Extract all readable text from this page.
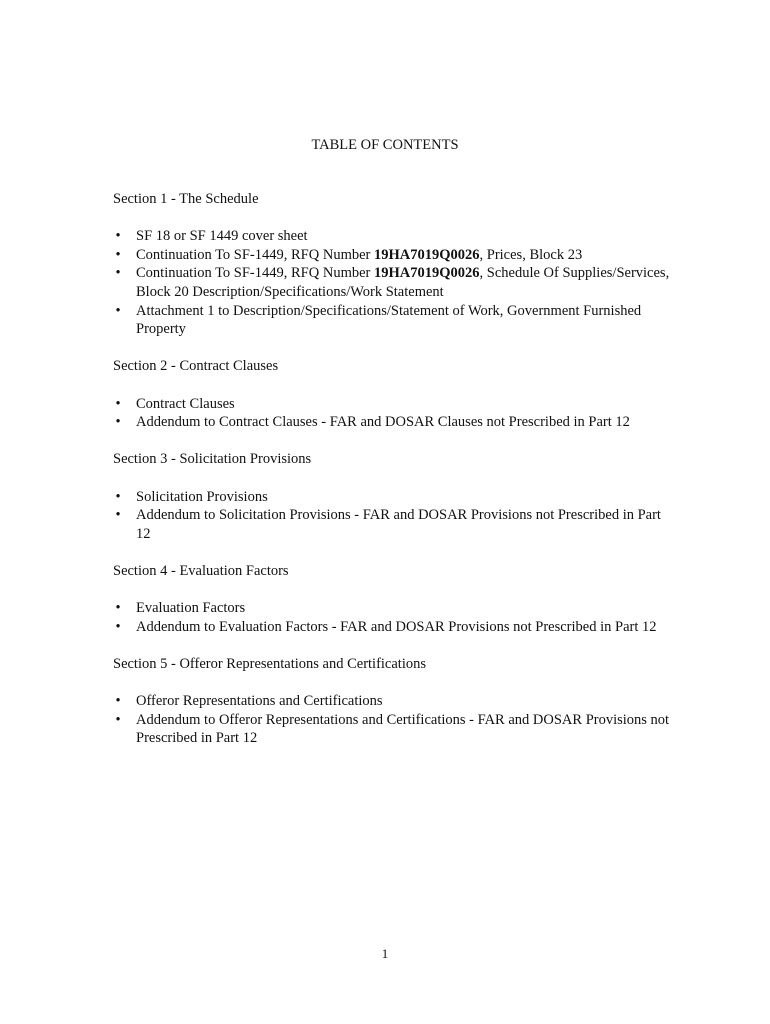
TABLE OF CONTENTS
Section 1 - The Schedule
• SF 18 or SF 1449 cover sheet
• Continuation To SF-1449, RFQ Number 19HA7019Q0026, Prices, Block 23
• Continuation To SF-1449, RFQ Number 19HA7019Q0026, Schedule Of Supplies/Services, Block 20 Description/Specifications/Work Statement
• Attachment 1 to Description/Specifications/Statement of Work, Government Furnished Property
Section 2 - Contract Clauses
• Contract Clauses
• Addendum to Contract Clauses - FAR and DOSAR Clauses not Prescribed in Part 12
Section 3 - Solicitation Provisions
• Solicitation Provisions
• Addendum to Solicitation Provisions - FAR and DOSAR Provisions not Prescribed in Part 12
Section 4 - Evaluation Factors
• Evaluation Factors
• Addendum to Evaluation Factors - FAR and DOSAR Provisions not Prescribed in Part 12
Section 5 - Offeror Representations and Certifications
• Offeror Representations and Certifications
• Addendum to Offeror Representations and Certifications - FAR and DOSAR Provisions not Prescribed in Part 12
1
